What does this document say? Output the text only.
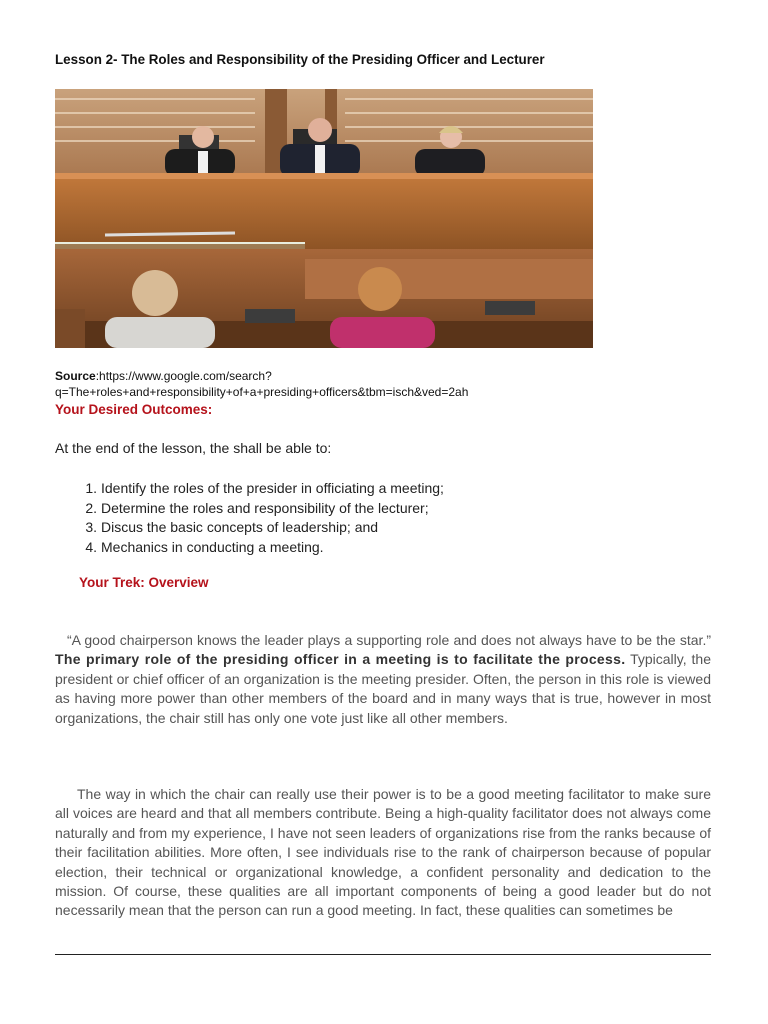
Lesson 2- The Roles and Responsibility of the Presiding Officer and Lecturer
Source:https://www.google.com/search?
q=The+roles+and+responsibility+of+a+presiding+officers&tbm=isch&ved=2ah
Your Desired Outcomes:
At the end of the lesson, the shall be able to:
1. Identify the roles of the presider in officiating a meeting;
2. Determine the roles and responsibility of the lecturer;
3. Discus the basic concepts of leadership; and
4. Mechanics in conducting a meeting.
Your Trek: Overview

“A good chairperson knows the leader plays a supporting role and does not always have to be the star.” The primary role of the presiding officer in a meeting is to facilitate the process. Typically, the president or chief officer of an organization is the meeting presider. Often, the person in this role is viewed as having more power than other members of the board and in many ways that is true, however in most organizations, the chair still has only one vote just like all other members.

The way in which the chair can really use their power is to be a good meeting facilitator to make sure all voices are heard and that all members contribute. Being a high-quality facilitator does not always come naturally and from my experience, I have not seen leaders of organizations rise from the ranks because of their facilitation abilities. More often, I see individuals rise to the rank of chairperson because of popular election, their technical or organizational knowledge, a confident personality and dedication to the mission. Of course, these qualities are all important components of being a good leader but do not necessarily mean that the person can run a good meeting. In fact, these qualities can sometimes be
